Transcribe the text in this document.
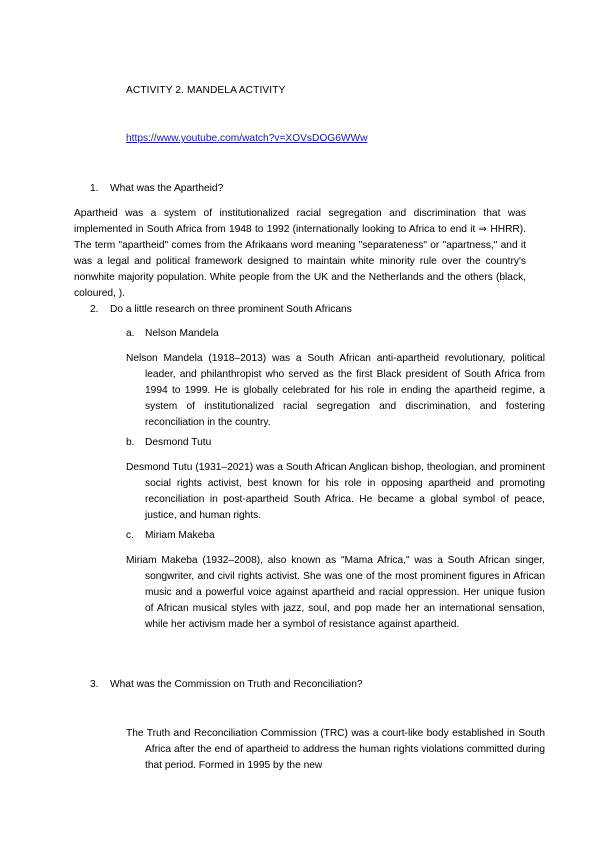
ACTIVITY 2. MANDELA ACTIVITY
https://www.youtube.com/watch?v=XOVsDOG6WWw
1. What was the Apartheid?
Apartheid was a system of institutionalized racial segregation and discrimination that was implemented in South Africa from 1948 to 1992 (internationally looking to Africa to end it ⇒ HHRR). The term "apartheid" comes from the Afrikaans word meaning "separateness" or "apartness," and it was a legal and political framework designed to maintain white minority rule over the country's nonwhite majority population. White people from the UK and the Netherlands and the others (black, coloured, ).
2. Do a little research on three prominent South Africans
a. Nelson Mandela
Nelson Mandela (1918–2013) was a South African anti-apartheid revolutionary, political leader, and philanthropist who served as the first Black president of South Africa from 1994 to 1999. He is globally celebrated for his role in ending the apartheid regime, a system of institutionalized racial segregation and discrimination, and fostering reconciliation in the country.
b. Desmond Tutu
Desmond Tutu (1931–2021) was a South African Anglican bishop, theologian, and prominent social rights activist, best known for his role in opposing apartheid and promoting reconciliation in post-apartheid South Africa. He became a global symbol of peace, justice, and human rights.
c. Miriam Makeba
Miriam Makeba (1932–2008), also known as "Mama Africa," was a South African singer, songwriter, and civil rights activist. She was one of the most prominent figures in African music and a powerful voice against apartheid and racial oppression. Her unique fusion of African musical styles with jazz, soul, and pop made her an international sensation, while her activism made her a symbol of resistance against apartheid.
3. What was the Commission on Truth and Reconciliation?
The Truth and Reconciliation Commission (TRC) was a court-like body established in South Africa after the end of apartheid to address the human rights violations committed during that period. Formed in 1995 by the new
